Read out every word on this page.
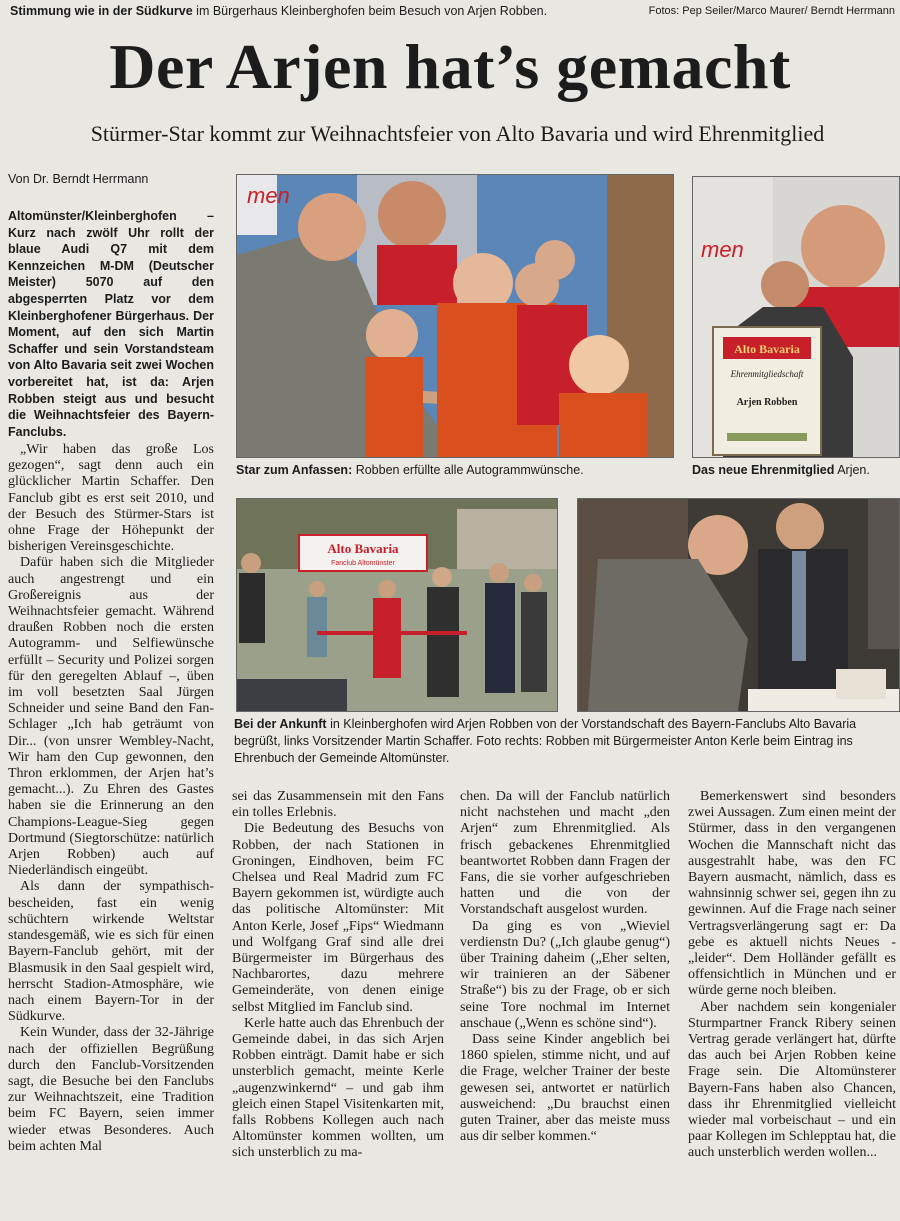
Stimmung wie in der Südkurve im Bürgerhaus Kleinberghofen beim Besuch von Arjen Robben.	Fotos: Pep Seiler/Marco Maurer/ Berndt Herrmann
Der Arjen hat’s gemacht
Stürmer-Star kommt zur Weihnachtsfeier von Alto Bavaria und wird Ehrenmitglied
Von Dr. Berndt Herrmann
men
Alto Bavaria
Ehrenmitgliedschaft
Arjen Robben
men
Star zum Anfassen: Robben erfüllte alle Autogrammwünsche.	Das neue Ehrenmitglied Arjen.
Alto Bavaria
Fanclub Altomünster
Bei der Ankunft in Kleinberghofen wird Arjen Robben von der Vorstandschaft des Bayern-Fanclubs Alto Bavaria begrüßt, links Vorsitzender Martin Schaffer. Foto rechts: Robben mit Bürgermeister Anton Kerle beim Eintrag ins Ehrenbuch der Gemeinde Altomünster.

Altomünster/Kleinberghofen – Kurz nach zwölf Uhr rollt der blaue Audi Q7 mit dem Kennzeichen M-DM (Deutscher Meister) 5070 auf den abgesperrten Platz vor dem Kleinberghofener Bürgerhaus. Der Moment, auf den sich Martin Schaffer und sein Vorstandsteam von Alto Bavaria seit zwei Wochen vorbereitet hat, ist da: Arjen Robben steigt aus und besucht die Weihnachtsfeier des Bayern-Fanclubs.

„Wir haben das große Los gezogen“, sagt denn auch ein glücklicher Martin Schaffer. Den Fanclub gibt es erst seit 2010, und der Besuch des Stürmer-Stars ist ohne Frage der Höhepunkt der bisherigen Vereinsgeschichte.

Dafür haben sich die Mitglieder auch angestrengt und ein Großereignis aus der Weihnachtsfeier gemacht. Während draußen Robben noch die ersten Autogramm- und Selfiewünsche erfüllt – Security und Polizei sorgen für den geregelten Ablauf –, üben im voll besetzten Saal Jürgen Schneider und seine Band den Fan-Schlager „Ich hab geträumt von Dir... (von unsrer Wembley-Nacht, Wir ham den Cup gewonnen, den Thron erklommen, der Arjen hat’s gemacht...). Zu Ehren des Gastes haben sie die Erinnerung an den Champions-League-Sieg gegen Dortmund (Siegtorschütze: natürlich Arjen Robben) auch auf Niederländisch eingeübt.

Als dann der sympathisch-bescheiden, fast ein wenig schüchtern wirkende Weltstar standesgemäß, wie es sich für einen Bayern-Fanclub gehört, mit der Blasmusik in den Saal gespielt wird, herrscht Stadion-Atmosphäre, wie nach einem Bayern-Tor in der Südkurve.

Kein Wunder, dass der 32-Jährige nach der offiziellen Begrüßung durch den Fanclub-Vorsitzenden sagt, die Besuche bei den Fanclubs zur Weihnachtszeit, eine Tradition beim FC Bayern, seien immer wieder etwas Besonderes. Auch beim achten Mal

sei das Zusammensein mit den Fans ein tolles Erlebnis.

Die Bedeutung des Besuchs von Robben, der nach Stationen in Groningen, Eindhoven, beim FC Chelsea und Real Madrid zum FC Bayern gekommen ist, würdigte auch das politische Altomünster: Mit Anton Kerle, Josef „Fips“ Wiedmann und Wolfgang Graf sind alle drei Bürgermeister im Bürgerhaus des Nachbarortes, dazu mehrere Gemeinderäte, von denen einige selbst Mitglied im Fanclub sind.

Kerle hatte auch das Ehrenbuch der Gemeinde dabei, in das sich Arjen Robben einträgt. Damit habe er sich unsterblich gemacht, meinte Kerle „augenzwinkernd“ – und gab ihm gleich einen Stapel Visitenkarten mit, falls Robbens Kollegen auch nach Altomünster kommen wollten, um sich unsterblich zu ma-

chen. Da will der Fanclub natürlich nicht nachstehen und macht „den Arjen“ zum Ehrenmitglied. Als frisch gebackenes Ehrenmitglied beantwortet Robben dann Fragen der Fans, die sie vorher aufgeschrieben hatten und die von der Vorstandschaft ausgelost wurden.

Da ging es von „Wieviel verdienstn Du? („Ich glaube genug“) über Training daheim („Eher selten, wir trainieren an der Säbener Straße“) bis zu der Frage, ob er sich seine Tore nochmal im Internet anschaue („Wenn es schöne sind“).

Dass seine Kinder angeblich bei 1860 spielen, stimme nicht, und auf die Frage, welcher Trainer der beste gewesen sei, antwortet er natürlich ausweichend: „Du brauchst einen guten Trainer, aber das meiste muss aus dir selber kommen.“

Bemerkenswert sind besonders zwei Aussagen. Zum einen meint der Stürmer, dass in den vergangenen Wochen die Mannschaft nicht das ausgestrahlt habe, was den FC Bayern ausmacht, nämlich, dass es wahnsinnig schwer sei, gegen ihn zu gewinnen. Auf die Frage nach seiner Vertragsverlängerung sagt er: Da gebe es aktuell nichts Neues - „leider“. Dem Holländer gefällt es offensichtlich in München und er würde gerne noch bleiben.

Aber nachdem sein kongenialer Sturmpartner Franck Ribery seinen Vertrag gerade verlängert hat, dürfte das auch bei Arjen Robben keine Frage sein. Die Altomünsterer Bayern-Fans haben also Chancen, dass ihr Ehrenmitglied vielleicht wieder mal vorbeischaut – und ein paar Kollegen im Schlepptau hat, die auch unsterblich werden wollen...
